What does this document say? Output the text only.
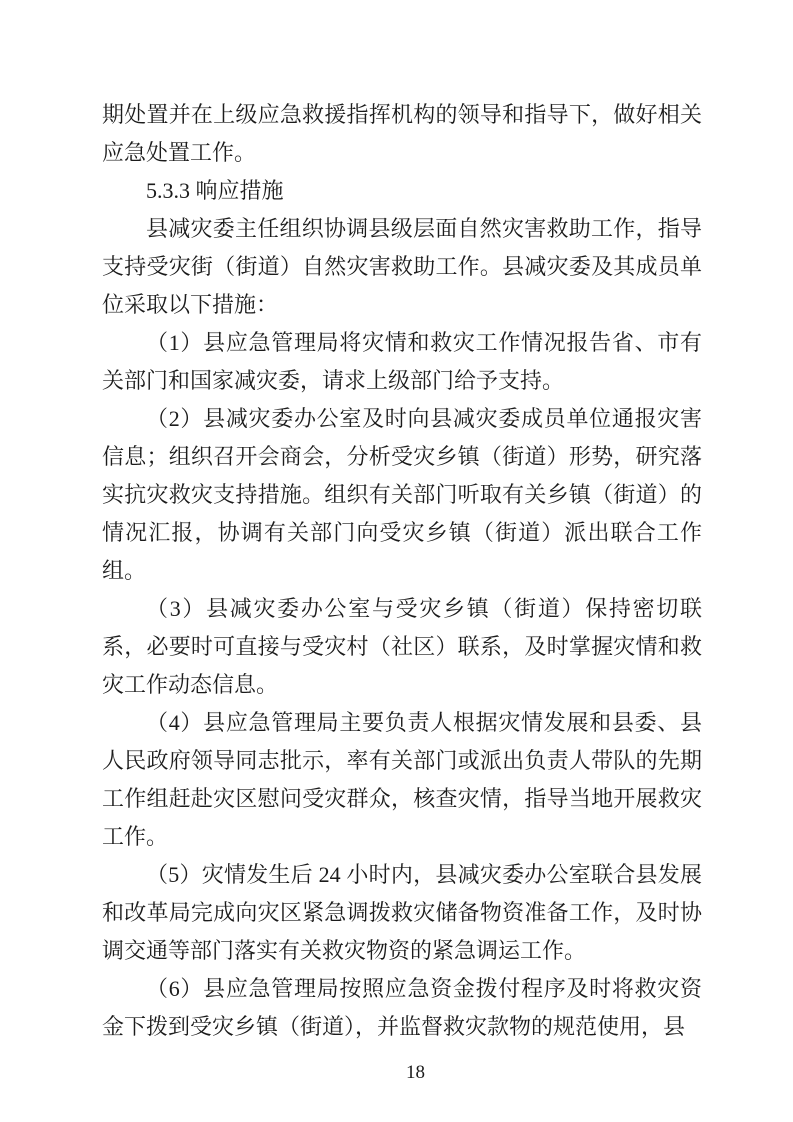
期处置并在上级应急救援指挥机构的领导和指导下，做好相关应急处置工作。

5.3.3 响应措施

县减灾委主任组织协调县级层面自然灾害救助工作，指导支持受灾街（街道）自然灾害救助工作。县减灾委及其成员单位采取以下措施：

（1）县应急管理局将灾情和救灾工作情况报告省、市有关部门和国家减灾委，请求上级部门给予支持。

（2）县减灾委办公室及时向县减灾委成员单位通报灾害信息；组织召开会商会，分析受灾乡镇（街道）形势，研究落实抗灾救灾支持措施。组织有关部门听取有关乡镇（街道）的情况汇报，协调有关部门向受灾乡镇（街道）派出联合工作组。

（3）县减灾委办公室与受灾乡镇（街道）保持密切联系，必要时可直接与受灾村（社区）联系，及时掌握灾情和救灾工作动态信息。

（4）县应急管理局主要负责人根据灾情发展和县委、县人民政府领导同志批示，率有关部门或派出负责人带队的先期工作组赶赴灾区慰问受灾群众，核查灾情，指导当地开展救灾工作。

（5）灾情发生后 24 小时内，县减灾委办公室联合县发展和改革局完成向灾区紧急调拨救灾储备物资准备工作，及时协调交通等部门落实有关救灾物资的紧急调运工作。

（6）县应急管理局按照应急资金拨付程序及时将救灾资金下拨到受灾乡镇（街道），并监督救灾款物的规范使用，县

18
